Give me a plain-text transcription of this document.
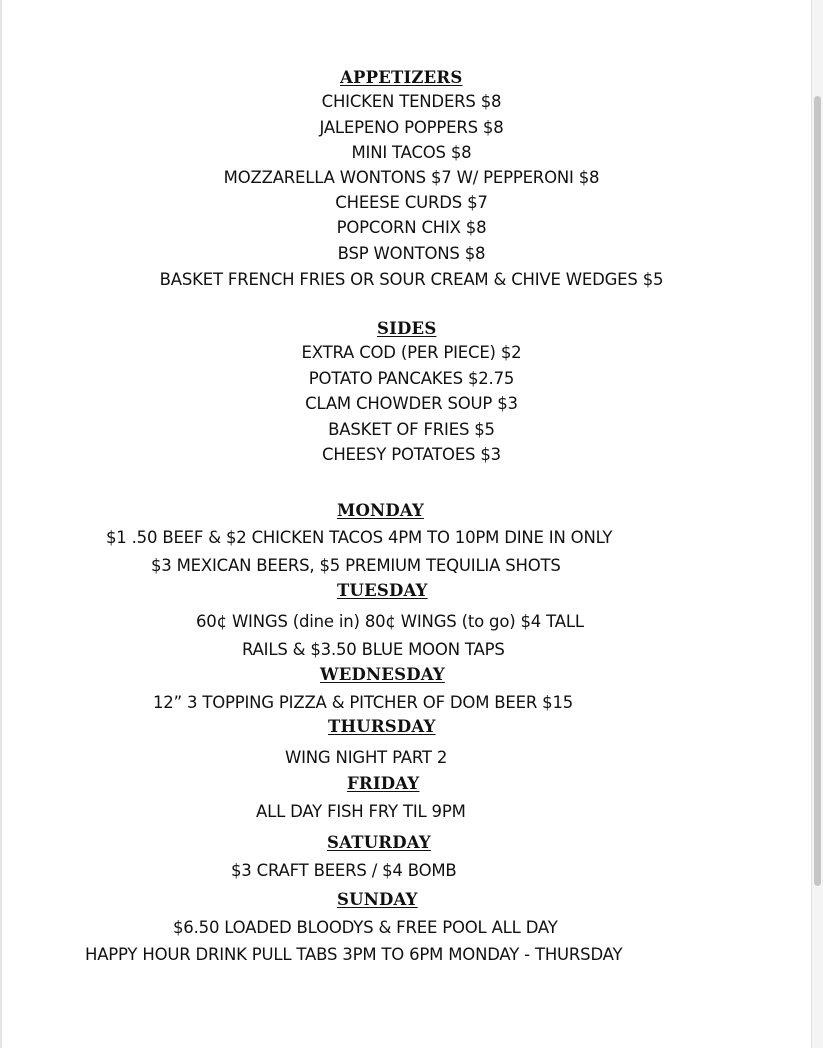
APPETIZERS
CHICKEN TENDERS $8
JALEPENO POPPERS $8
MINI TACOS $8
MOZZARELLA WONTONS $7 W/ PEPPERONI $8
CHEESE CURDS $7
POPCORN CHIX $8
BSP WONTONS $8
BASKET FRENCH FRIES OR SOUR CREAM & CHIVE WEDGES $5
SIDES
EXTRA COD (PER PIECE) $2
POTATO PANCAKES $2.75
CLAM CHOWDER SOUP $3
BASKET OF FRIES $5
CHEESY POTATOES $3
MONDAY
$1 .50 BEEF & $2 CHICKEN TACOS 4PM TO 10PM DINE IN ONLY
$3 MEXICAN BEERS, $5 PREMIUM TEQUILIA SHOTS
TUESDAY
60¢ WINGS (dine in) 80¢ WINGS (to go) $4 TALL
RAILS & $3.50 BLUE MOON TAPS
WEDNESDAY
12” 3 TOPPING PIZZA & PITCHER OF DOM BEER $15
THURSDAY
WING NIGHT PART 2
FRIDAY
ALL DAY FISH FRY TIL 9PM
SATURDAY
$3 CRAFT BEERS / $4 BOMB
SUNDAY
$6.50 LOADED BLOODYS & FREE POOL ALL DAY
HAPPY HOUR DRINK PULL TABS 3PM TO 6PM MONDAY - THURSDAY
